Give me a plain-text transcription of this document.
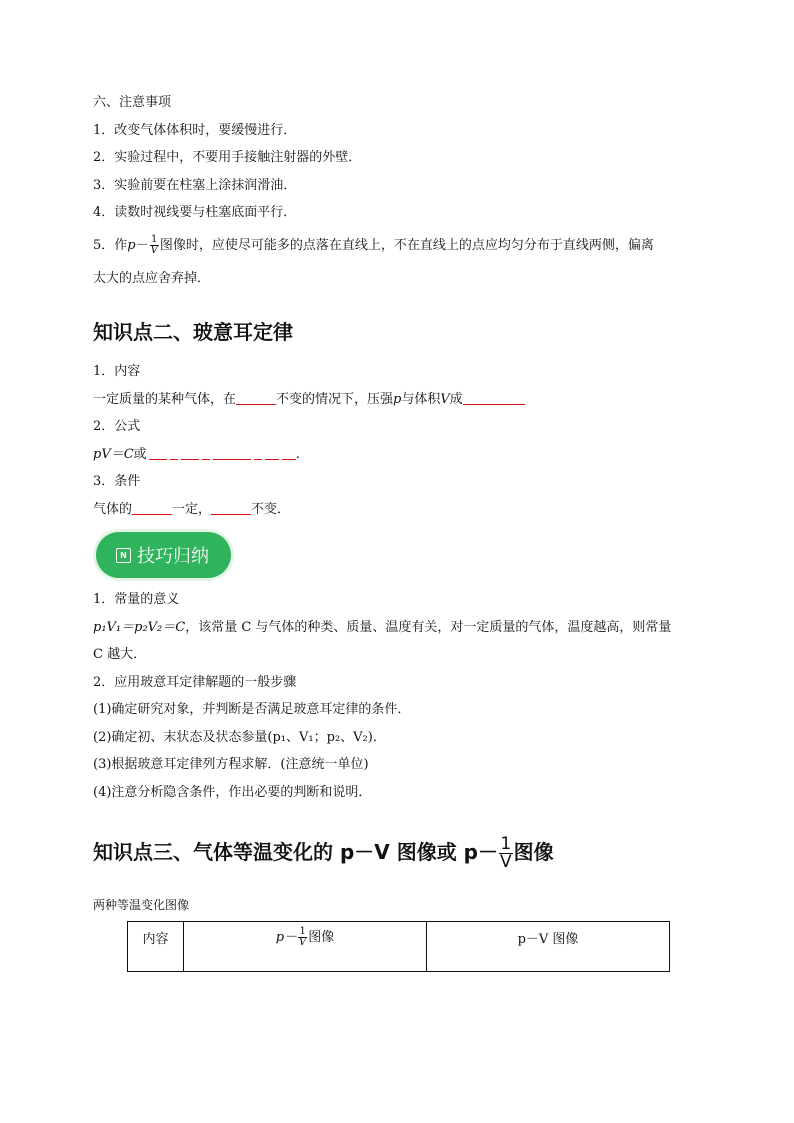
六、注意事项
1．改变气体体积时，要缓慢进行．
2．实验过程中，不要用手接触注射器的外壁．
3．实验前要在柱塞上涂抹润滑油．
4．读数时视线要与柱塞底面平行．
5．作$p- \frac{1}{V}$ 图像时，应使尽可能多的点落在直线上，不在直线上的点应均匀分布于直线两侧，偏离
太大的点应舍弃掉．
知识点二、玻意耳定律
1．内容
一定质量的某种气体，在	不变的情况下，压强p与体积V成
2．公式
pV＝C或	.
3．条件
气体的	一定，	不变．
N 技巧归纳
1．常量的意义
p₁V₁＝p₂V₂＝C，该常量 C 与气体的种类、质量、温度有关，对一定质量的气体，温度越高，则常量
C 越大．
2．应用玻意耳定律解题的一般步骤
(1)确定研究对象，并判断是否满足玻意耳定律的条件．
(2)确定初、末状态及状态参量(p₁、V₁；p₂、V₂)．
(3)根据玻意耳定律列方程求解．(注意统一单位)
(4)注意分析隐含条件，作出必要的判断和说明．
知识点三、气体等温变化的 p－V 图像或 $p- \frac{1}{V}$ 图像
两种等温变化图像
内容	$p- \frac{1}{V}$ 图像	p－V 图像
